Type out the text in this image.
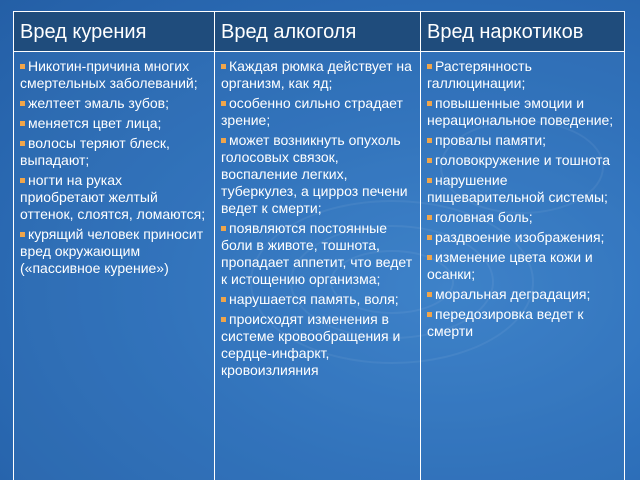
Вред курения	Вред алкоголя	Вред наркотиков
Никотин-причина многих смертельных заболеваний;
желтеет эмаль зубов;
меняется цвет лица;
волосы теряют блеск, выпадают;
ногти на руках приобретают желтый оттенок, слоятся, ломаются;
курящий человек приносит вред окружающим («пассивное курение»)
Каждая рюмка действует на организм, как яд;
особенно сильно страдает зрение;
может возникнуть опухоль голосовых связок, воспаление легких, туберкулез, а цирроз печени ведет к смерти;
появляются постоянные боли в животе, тошнота, пропадает аппетит, что ведет к истощению организма;
нарушается память, воля;
происходят изменения в системе кровообращения и сердце-инфаркт, кровоизлияния
Растерянность галлюцинации;
повышенные эмоции и нерациональное поведение;
провалы памяти;
головокружение и тошнота
нарушение пищеварительной системы;
головная боль;
раздвоение изображения;
изменение цвета кожи и осанки;
моральная деградация;
передозировка ведет к смерти
